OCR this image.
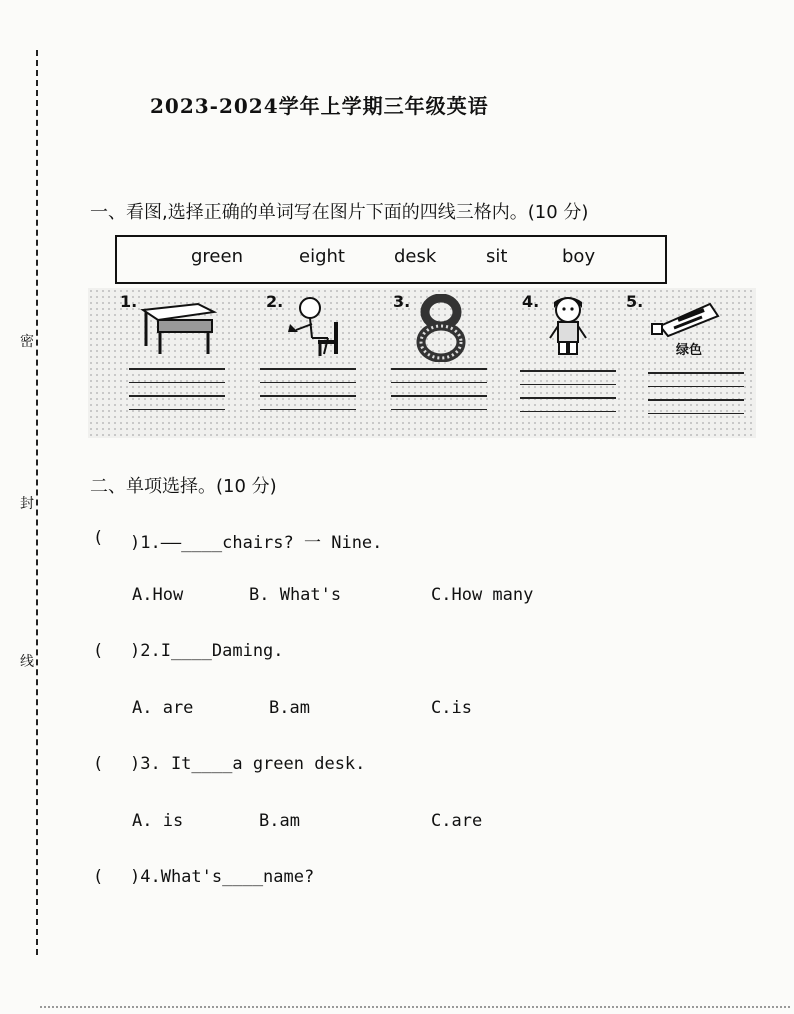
密
封
线
2023-2024学年上学期三年级英语
一、看图,选择正确的单词写在图片下面的四线三格内。(10 分)
green	eight	desk	sit	boy
1.	2.	3.	4.	5.
绿色
二、单项选择。(10 分)
( )1.——____chairs? 一 Nine.
A.How	B. What's	C.How many
( )2.I____Daming.
A. are	B.am	C.is
( )3. It____a green desk.
A. is	B.am	C.are
( )4.What's____name?
